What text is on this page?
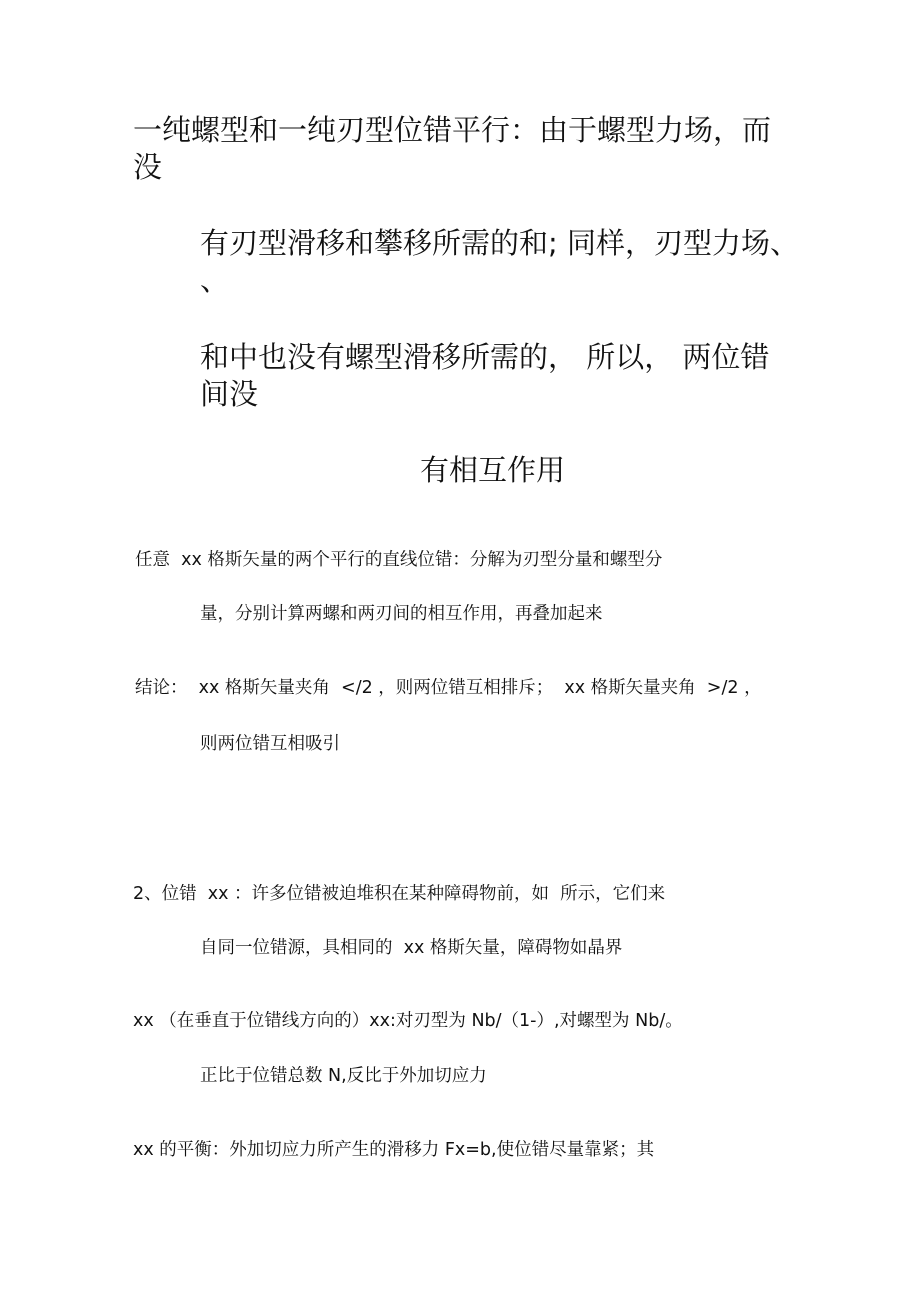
一纯螺型和一纯刃型位错平行：由于螺型力场，而
没
有刃型滑移和攀移所需的和; 同样，刃型力场、
、
和中也没有螺型滑移所需的， 所以， 两位错
间没
有相互作用
任意  xx 格斯矢量的两个平行的直线位错：分解为刃型分量和螺型分
量，分别计算两螺和两刃间的相互作用，再叠加起来
结论：  xx 格斯矢量夹角  </2 ，则两位错互相排斥；  xx 格斯矢量夹角  >/2 ，
则两位错互相吸引
2、位错  xx ：许多位错被迫堆积在某种障碍物前，如  所示，它们来
自同一位错源，具相同的  xx 格斯矢量，障碍物如晶界
xx （在垂直于位错线方向的）xx:对刃型为 Nb/（1-）,对螺型为 Nb/。
正比于位错总数 N,反比于外加切应力
xx 的平衡：外加切应力所产生的滑移力 Fx=b,使位错尽量靠紧；其
